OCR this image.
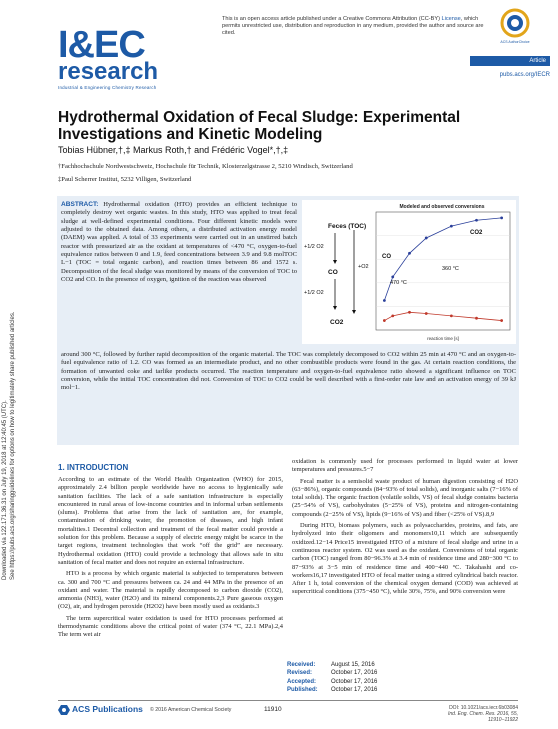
Downloaded via 122.171.36.31 on July 19, 2018 at 12:40:45 (UTC). See https://pubs.acs.org/sharingguidelines for options on how to legitimately share published articles.
I&EC
research
Industrial & Engineering Chemistry Research
This is an open access article published under a Creative Commons Attribution (CC-BY) License, which permits unrestricted use, distribution and reproduction in any medium, provided the author and source are cited.
ACS AuthorChoice
Article
pubs.acs.org/IECR
Hydrothermal Oxidation of Fecal Sludge: Experimental Investigations and Kinetic Modeling
Tobias Hübner,†,‡ Markus Roth,† and Frédéric Vogel*,†,‡
†Fachhochschule Nordwestschweiz, Hochschule für Technik, Klosterzelgstrasse 2, 5210 Windisch, Switzerland
‡Paul Scherrer Institut, 5232 Villigen, Switzerland
ABSTRACT: Hydrothermal oxidation (HTO) provides an efficient technique to completely destroy wet organic wastes. In this study, HTO was applied to treat fecal sludge at well-defined experimental conditions. Four different kinetic models were adjusted to the obtained data. Among others, a distributed activation energy model (DAEM) was applied. A total of 33 experiments were carried out in an unstirred batch reactor with pressurized air as the oxidant at temperatures of <470 °C, oxygen-to-fuel equivalence ratios between 0 and 1.9, feed concentrations between 3.9 and 9.8 molTOC L−1 (TOC = total organic carbon), and reaction times between 86 and 1572 s. Decomposition of the fecal sludge was monitored by means of the conversion of TOC to CO2 and CO. In the presence of oxygen, ignition of the reaction was observed
Modeled and observed conversions
Feces (TOC)
+1/2 O2
CO
+1/2 O2
+O2
CO2
CO2
CO
360 °C
470 °C
reaction time [s]
around 300 °C, followed by further rapid decomposition of the organic material. The TOC was completely decomposed to CO2 within 25 min at 470 °C and an oxygen-to-fuel equivalence ratio of 1.2. CO was formed as an intermediate product, and no other combustible products were found in the gas. At certain reaction conditions, the formation of unwanted coke and tarlike products occurred. The reaction temperature and oxygen-to-fuel equivalence ratio showed a significant influence on TOC conversion, while the initial TOC concentration did not. Conversion of TOC to CO2 could be well described with a first-order rate law and an activation energy of 39 kJ mol−1.
1. INTRODUCTION

According to an estimate of the World Health Organization (WHO) for 2015, approximately 2.4 billion people worldwide have no access to hygienically safe sanitation facilities. The lack of a safe sanitation infrastructure is especially encountered in rural areas of low-income countries and in informal urban settlements (slums). Problems that arise from the lack of sanitation are, for example, contamination of drinking water, the promotion of diseases, and high infant mortalities.1 Decentral collection and treatment of the fecal matter could provide a solution for this problem. Because a supply of electric energy might be scarce in the target regions, treatment technologies that work “off the grid” are necessary. Hydrothermal oxidation (HTO) could provide a technology that allows safe in situ sanitation of fecal matter and does not require an external infrastructure.

HTO is a process by which organic material is subjected to temperatures between ca. 300 and 700 °C and pressures between ca. 24 and 44 MPa in the presence of an oxidant and water. The material is rapidly decomposed to carbon dioxide (CO2), ammonia (NH3), water (H2O) and its mineral components.2,3 Pure gaseous oxygen (O2), air, and hydrogen peroxide (H2O2) have been mostly used as oxidants.3

The term supercritical water oxidation is used for HTO processes performed at thermodynamic conditions above the critical point of water (374 °C, 22.1 MPa).2,4 The term wet air

oxidation is commonly used for processes performed in liquid water at lower temperatures and pressures.5−7

Fecal matter is a semisolid waste product of human digestion consisting of H2O (63−86%), organic compounds (84−93% of total solids), and inorganic salts (7−16% of total solids). The organic fraction (volatile solids, VS) of fecal sludge contains bacteria (25−54% of VS), carbohydrates (5−25% of VS), proteins and nitrogen-containing compounds (2−25% of VS), lipids (9−16% of VS) and fiber (<25% of VS).8,9

During HTO, biomass polymers, such as polysaccharides, proteins, and fats, are hydrolyzed into their oligomers and monomers10,11 which are subsequently oxidized.12−14 Price15 investigated HTO of a mixture of fecal sludge and urine in a continuous reactor system. O2 was used as the oxidant. Conversions of total organic carbon (TOC) ranged from 80−96.3% at 3.4 min of residence time and 280−300 °C to 87−93% at 3−5 min of residence time and 400−440 °C. Takahashi and co-workers16,17 investigated HTO of fecal matter using a stirred cylindrical batch reactor. After 1 h, total conversion of the chemical oxygen demand (COD) was achieved at supercritical conditions (375−450 °C), while 30%, 75%, and 90% conversion were

Received:	August 15, 2016
Revised:	October 17, 2016
Accepted: October 17, 2016
Published: October 17, 2016
ACS Publications © 2016 American Chemical Society	11910	DOI: 10.1021/acs.iecr.6b03084
Ind. Eng. Chem. Res. 2016, 55, 11910−11922
